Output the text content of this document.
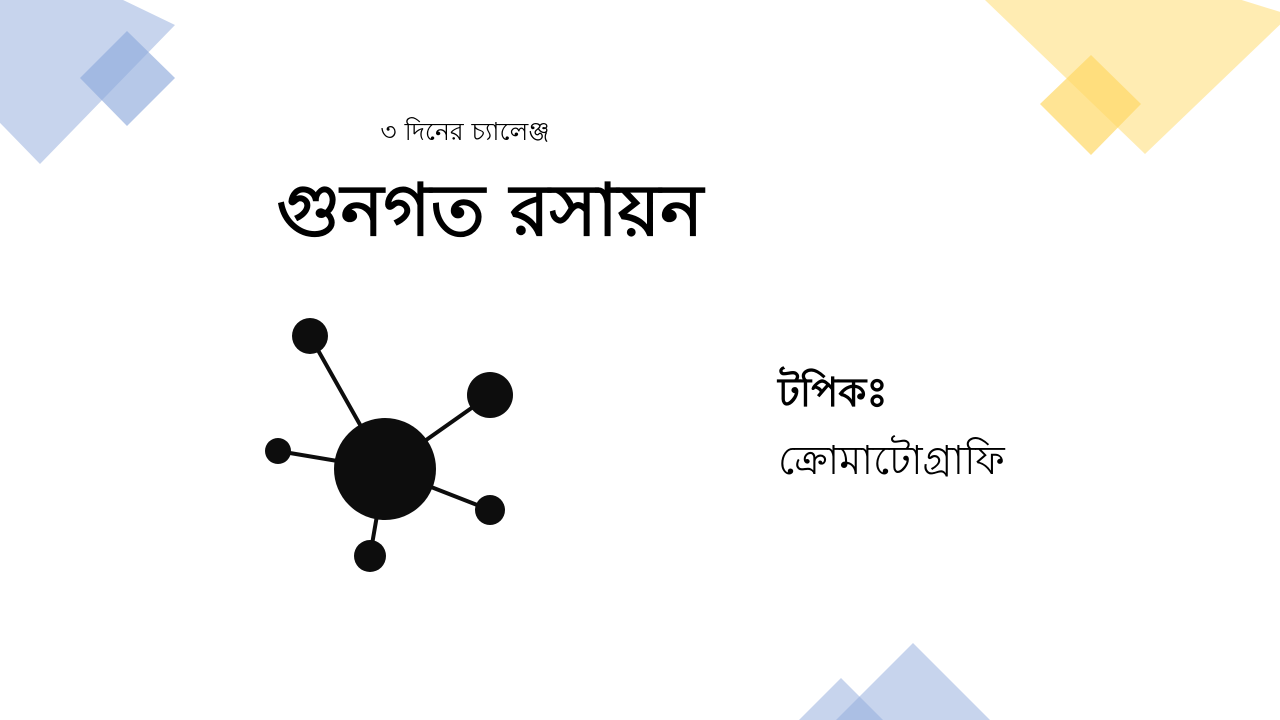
৩ দিনের চ্যালেঞ্জ
গুনগত রসায়ন
টপিকঃ
ক্রোমাটোগ্রাফি
